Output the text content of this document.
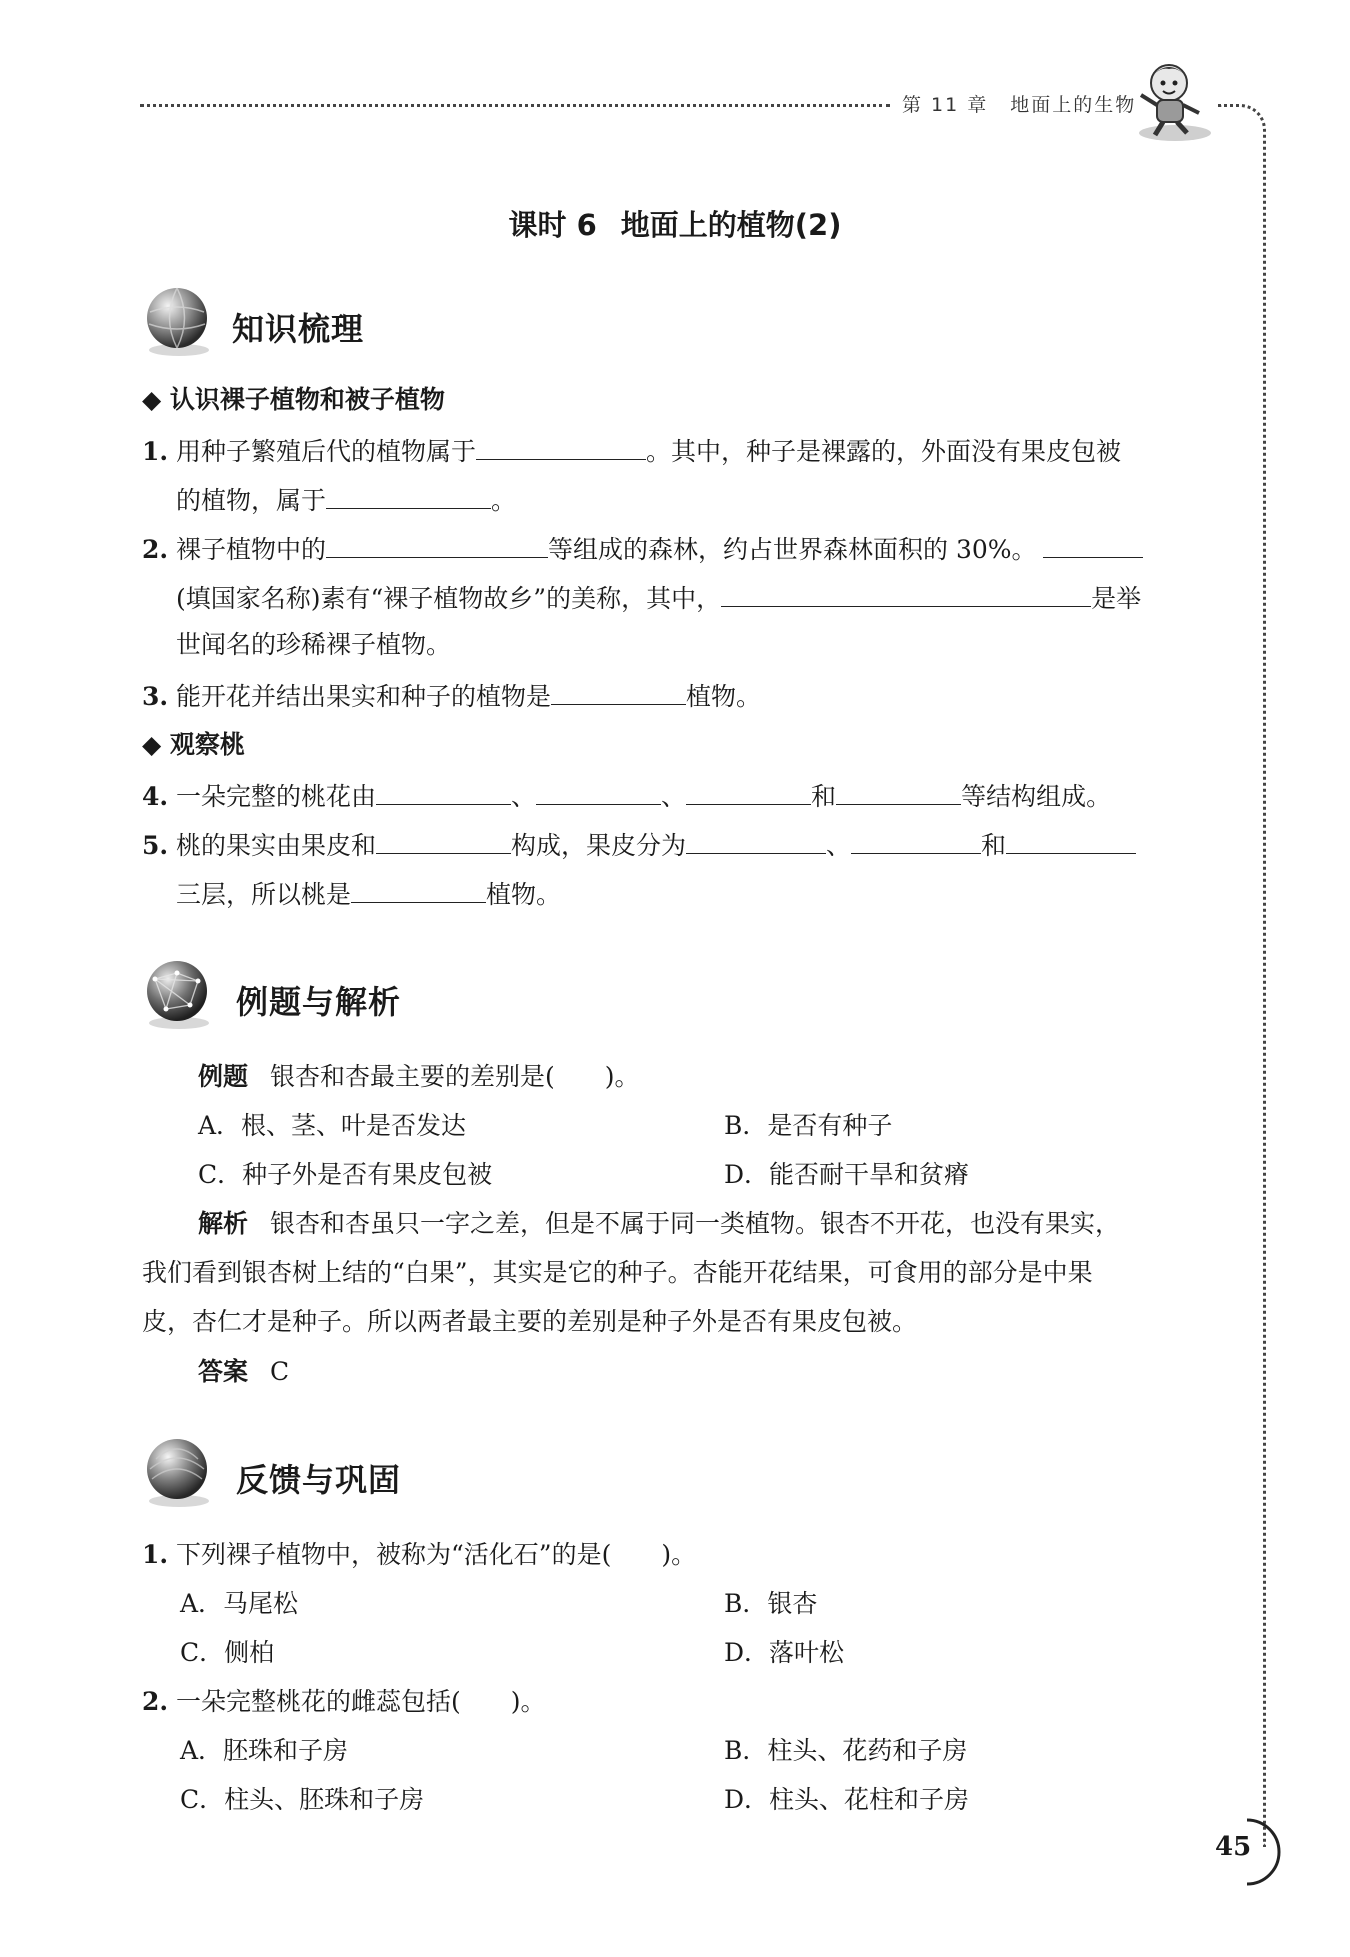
第 11 章 地面上的生物
课时 6 地面上的植物(2)
知识梳理
◆ 认识裸子植物和被子植物
1. 用种子繁殖后代的植物属于	。其中，种子是裸露的，外面没有果皮包被
的植物，属于	。
2. 裸子植物中的	等组成的森林，约占世界森林面积的 30%。
(填国家名称)素有“裸子植物故乡”的美称，其中，	是举
世闻名的珍稀裸子植物。
3. 能开花并结出果实和种子的植物是	植物。
◆ 观察桃
4. 一朵完整的桃花由	、	、	和	等结构组成。
5. 桃的果实由果皮和	构成，果皮分为	、	和
三层，所以桃是	植物。
例题与解析
例题 银杏和杏最主要的差别是(　　)。
A．根、茎、叶是否发达	B．是否有种子
C．种子外是否有果皮包被	D．能否耐干旱和贫瘠
解析 银杏和杏虽只一字之差，但是不属于同一类植物。银杏不开花，也没有果实，
我们看到银杏树上结的“白果”，其实是它的种子。杏能开花结果，可食用的部分是中果
皮，杏仁才是种子。所以两者最主要的差别是种子外是否有果皮包被。
答案 C
反馈与巩固
1. 下列裸子植物中，被称为“活化石”的是(　　)。
A．马尾松	B．银杏
C．侧柏	D．落叶松
2. 一朵完整桃花的雌蕊包括(　　)。
A．胚珠和子房	B．柱头、花药和子房
C．柱头、胚珠和子房	D．柱头、花柱和子房
45
